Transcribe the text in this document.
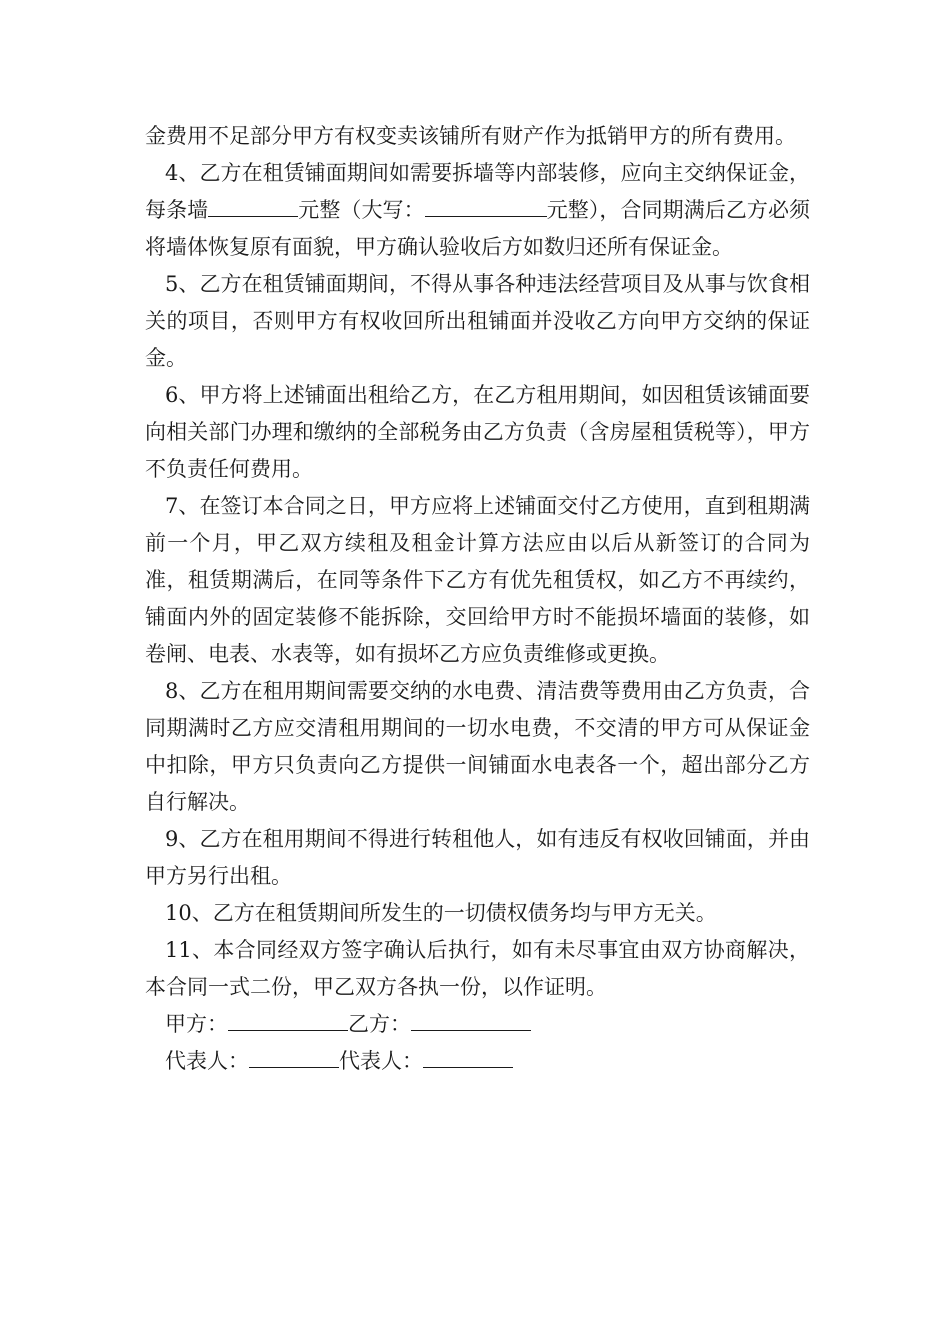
金费用不足部分甲方有权变卖该铺所有财产作为抵销甲方的所有费用。

4、乙方在租赁铺面期间如需要拆墙等内部装修，应向主交纳保证金，每条墙	元整（大写：	元整），合同期满后乙方必须将墙体恢复原有面貌，甲方确认验收后方如数归还所有保证金。

5、乙方在租赁铺面期间，不得从事各种违法经营项目及从事与饮食相关的项目，否则甲方有权收回所出租铺面并没收乙方向甲方交纳的保证金。

6、甲方将上述铺面出租给乙方，在乙方租用期间，如因租赁该铺面要向相关部门办理和缴纳的全部税务由乙方负责（含房屋租赁税等），甲方不负责任何费用。

7、在签订本合同之日，甲方应将上述铺面交付乙方使用，直到租期满前一个月，甲乙双方续租及租金计算方法应由以后从新签订的合同为准，租赁期满后，在同等条件下乙方有优先租赁权，如乙方不再续约，铺面内外的固定装修不能拆除，交回给甲方时不能损坏墙面的装修，如卷闸、电表、水表等，如有损坏乙方应负责维修或更换。

8、乙方在租用期间需要交纳的水电费、清洁费等费用由乙方负责，合同期满时乙方应交清租用期间的一切水电费，不交清的甲方可从保证金中扣除，甲方只负责向乙方提供一间铺面水电表各一个，超出部分乙方自行解决。

9、乙方在租用期间不得进行转租他人，如有违反有权收回铺面，并由甲方另行出租。

10、乙方在租赁期间所发生的一切债权债务均与甲方无关。

11、本合同经双方签字确认后执行，如有未尽事宜由双方协商解决，本合同一式二份，甲乙双方各执一份，以作证明。

甲方：	乙方：

代表人：	代表人：
